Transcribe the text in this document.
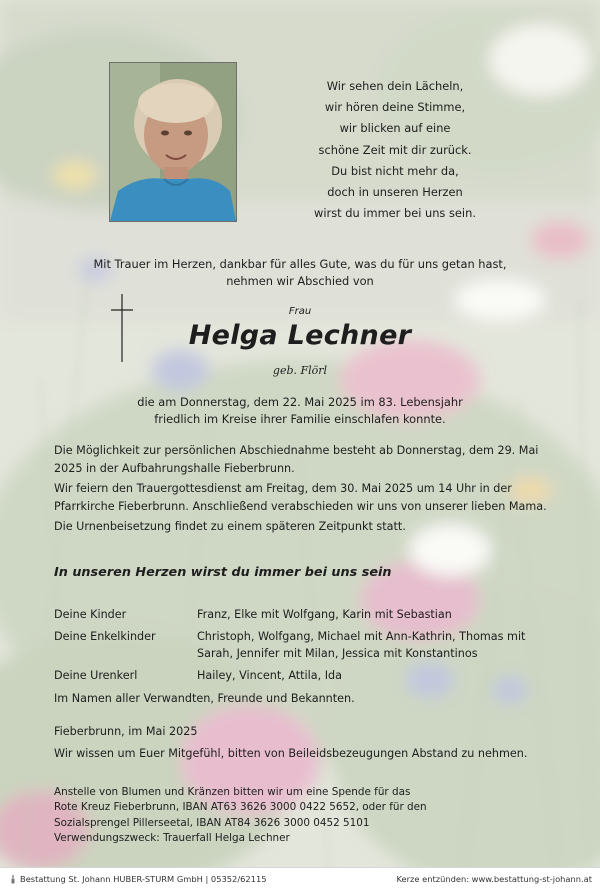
Wir sehen dein Lächeln,
wir hören deine Stimme,
wir blicken auf eine
schöne Zeit mit dir zurück.
Du bist nicht mehr da,
doch in unseren Herzen
wirst du immer bei uns sein.
Mit Trauer im Herzen, dankbar für alles Gute, was du für uns getan hast,
nehmen wir Abschied von
Frau
Helga Lechner
geb. Flörl
die am Donnerstag, dem 22. Mai 2025 im 83. Lebensjahr
friedlich im Kreise ihrer Familie einschlafen konnte.
Die Möglichkeit zur persönlichen Abschiednahme besteht ab Donnerstag, dem 29. Mai 2025 in der Aufbahrungshalle Fieberbrunn.
Wir feiern den Trauergottesdienst am Freitag, dem 30. Mai 2025 um 14 Uhr in der Pfarrkirche Fieberbrunn. Anschließend verabschieden wir uns von unserer lieben Mama.
Die Urnenbeisetzung findet zu einem späteren Zeitpunkt statt.
In unseren Herzen wirst du immer bei uns sein
Deine Kinder	Franz, Elke mit Wolfgang, Karin mit Sebastian
Deine Enkelkinder	Christoph, Wolfgang, Michael mit Ann-Kathrin, Thomas mit Sarah, Jennifer mit Milan, Jessica mit Konstantinos
Deine Urenkerl	Hailey, Vincent, Attila, Ida
Im Namen aller Verwandten, Freunde und Bekannten.
Fieberbrunn, im Mai 2025
Wir wissen um Euer Mitgefühl, bitten von Beileidsbezeugungen Abstand zu nehmen.
Anstelle von Blumen und Kränzen bitten wir um eine Spende für das
Rote Kreuz Fieberbrunn, IBAN AT63 3626 3000 0422 5652, oder für den
Sozialsprengel Pillerseetal, IBAN AT84 3626 3000 0452 5101
Verwendungszweck: Trauerfall Helga Lechner
Bestattung St. Johann HUBER-STURM GmbH | 05352/62115	Kerze entzünden: www.bestattung-st-johann.at
